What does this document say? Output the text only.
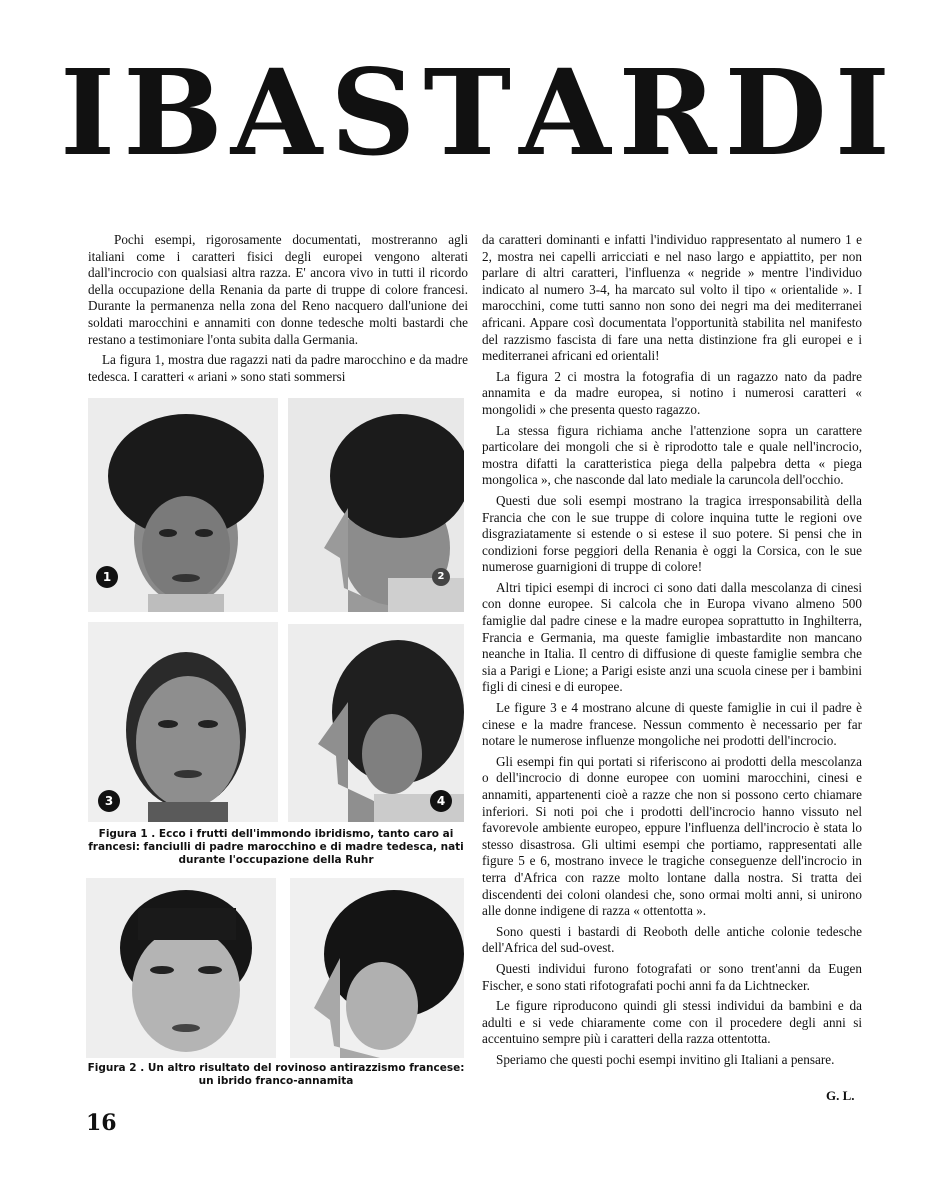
I B A S T A R D I

Pochi esempi, rigorosamente documentati, mostreranno agli italiani come i caratteri fisici degli europei vengono alterati dall'incrocio con qualsiasi altra razza. E' ancora vivo in tutti il ricordo della occupazione della Renania da parte di truppe di colore francesi. Durante la permanenza nella zona del Reno nacquero dall'unione dei soldati marocchini e annamiti con donne tedesche molti bastardi che restano a testimoniare l'onta subita dalla Germania.

La figura 1, mostra due ragazzi nati da padre marocchino e da madre tedesca. I caratteri « ariani » sono stati sommersi

1	2
3	4
Figura 1 . Ecco i frutti dell'immondo ibridismo, tanto caro ai francesi: fanciulli di padre marocchino e di madre tedesca, nati durante l'occupazione della Ruhr
Figura 2 . Un altro risultato del rovinoso antirazzismo francese: un ibrido franco-annamita

da caratteri dominanti e infatti l'individuo rappresentato al numero 1 e 2, mostra nei capelli arricciati e nel naso largo e appiattito, per non parlare di altri caratteri, l'influenza « negride » mentre l'individuo indicato al numero 3-4, ha marcato sul volto il tipo « orientalide ». I marocchini, come tutti sanno non sono dei negri ma dei mediterranei africani. Appare così documentata l'opportunità stabilita nel manifesto del razzismo fascista di fare una netta distinzione fra gli europei e i mediterranei africani ed orientali!

La figura 2 ci mostra la fotografia di un ragazzo nato da padre annamita e da madre europea, si notino i numerosi caratteri « mongolidi » che presenta questo ragazzo.

La stessa figura richiama anche l'attenzione sopra un carattere particolare dei mongoli che si è riprodotto tale e quale nell'incrocio, mostra difatti la caratteristica piega della palpebra detta « piega mongolica », che nasconde dal lato mediale la caruncola dell'occhio.

Questi due soli esempi mostrano la tragica irresponsabilità della Francia che con le sue truppe di colore inquina tutte le regioni ove disgraziatamente si estende o si estese il suo potere. Si pensi che in condizioni forse peggiori della Renania è oggi la Corsica, con le sue numerose guarnigioni di truppe di colore!

Altri tipici esempi di incroci ci sono dati dalla mescolanza di cinesi con donne europee. Si calcola che in Europa vivano almeno 500 famiglie dal padre cinese e la madre europea soprattutto in Inghilterra, Francia e Germania, ma queste famiglie imbastardite non mancano neanche in Italia. Il centro di diffusione di queste famiglie sembra che sia a Parigi e Lione; a Parigi esiste anzi una scuola cinese per i bambini figli di cinesi e di europee.

Le figure 3 e 4 mostrano alcune di queste famiglie in cui il padre è cinese e la madre francese. Nessun commento è necessario per far notare le numerose influenze mongoliche nei prodotti dell'incrocio.

Gli esempi fin qui portati si riferiscono ai prodotti della mescolanza o dell'incrocio di donne europee con uomini marocchini, cinesi e annamiti, appartenenti cioè a razze che non si possono certo chiamare inferiori. Si noti poi che i prodotti dell'incrocio hanno vissuto nel favorevole ambiente europeo, eppure l'influenza dell'incrocio è stata lo stesso disastrosa. Gli ultimi esempi che portiamo, rappresentati alle figure 5 e 6, mostrano invece le tragiche conseguenze dell'incrocio in terra d'Africa con razze molto lontane dalla nostra. Si tratta dei discendenti dei coloni olandesi che, sono ormai molti anni, si unirono alle donne indigene di razza « ottentotta ».

Sono questi i bastardi di Reoboth delle antiche colonie tedesche dell'Africa del sud-ovest.

Questi individui furono fotografati or sono trent'anni da Eugen Fischer, e sono stati rifotografati pochi anni fa da Lichtnecker.

Le figure riproducono quindi gli stessi individui da bambini e da adulti e si vede chiaramente come con il procedere degli anni si accentuino sempre più i caratteri della razza ottentotta.

Speriamo che questi pochi esempi invitino gli Italiani a pensare.

G. L.
16
